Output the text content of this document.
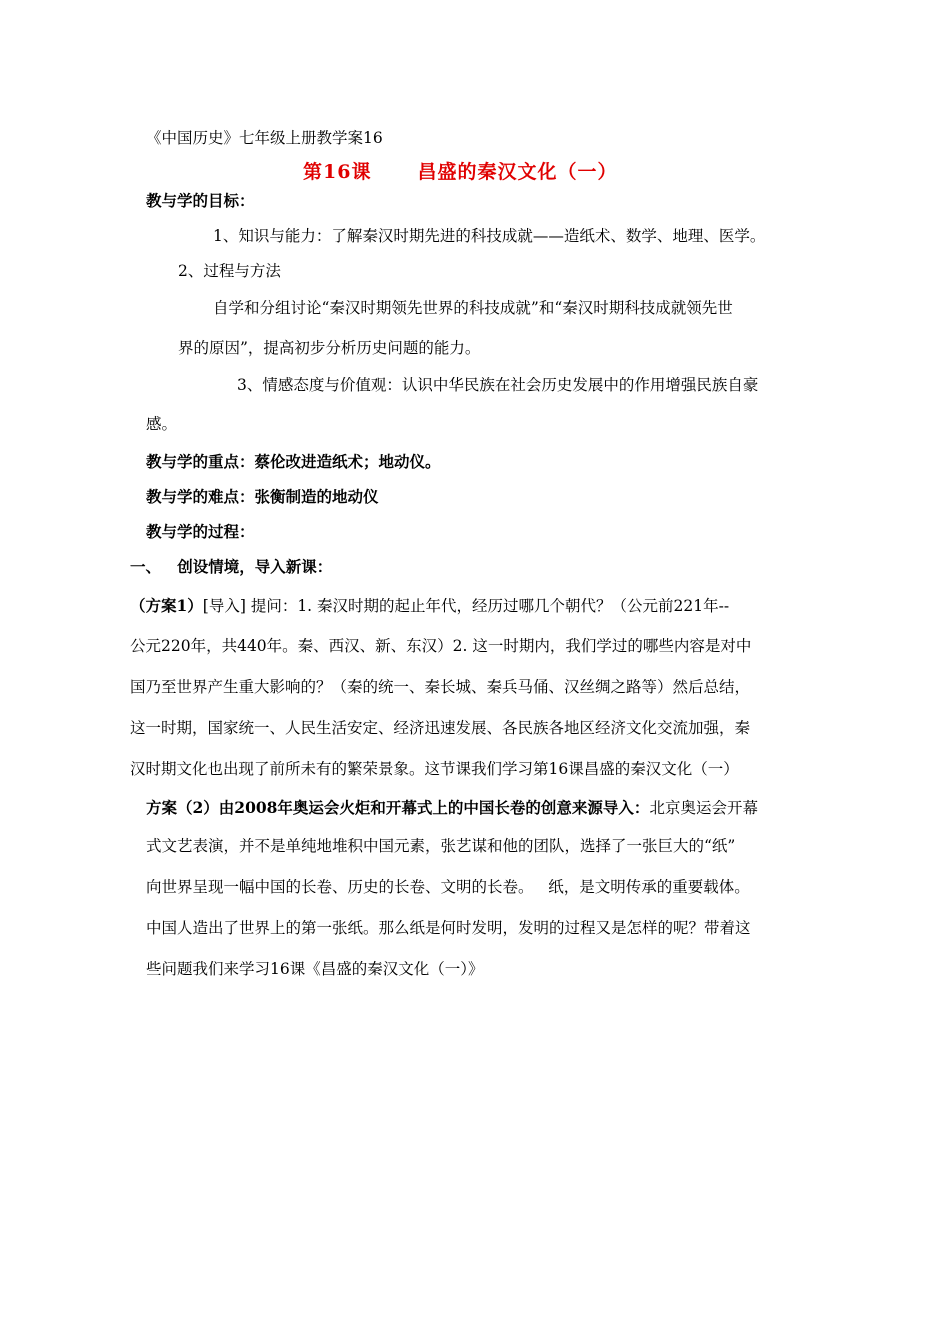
《中国历史》七年级上册教学案16
第16课 昌盛的秦汉文化（一）
教与学的目标：
1、知识与能力：了解秦汉时期先进的科技成就——造纸术、数学、地理、医学。
2、过程与方法
自学和分组讨论“秦汉时期领先世界的科技成就”和“秦汉时期科技成就领先世
界的原因”，提高初步分析历史问题的能力。
3、情感态度与价值观：认识中华民族在社会历史发展中的作用增强民族自豪
感。
教与学的重点：蔡伦改进造纸术；地动仪。
教与学的难点：张衡制造的地动仪
教与学的过程：
一、   创设情境，导入新课：
（方案1）[导入] 提问：1. 秦汉时期的起止年代，经历过哪几个朝代？（公元前221年--
公元220年，共440年。秦、西汉、新、东汉）2. 这一时期内，我们学过的哪些内容是对中
国乃至世界产生重大影响的？（秦的统一、秦长城、秦兵马俑、汉丝绸之路等）然后总结，
这一时期，国家统一、人民生活安定、经济迅速发展、各民族各地区经济文化交流加强，秦
汉时期文化也出现了前所未有的繁荣景象。这节课我们学习第16课昌盛的秦汉文化（一）
方案（2）由2008年奥运会火炬和开幕式上的中国长卷的创意来源导入：北京奥运会开幕
式文艺表演，并不是单纯地堆积中国元素，张艺谋和他的团队，选择了一张巨大的“纸”
向世界呈现一幅中国的长卷、历史的长卷、文明的长卷。   纸，是文明传承的重要载体。
中国人造出了世界上的第一张纸。那么纸是何时发明，发明的过程又是怎样的呢？带着这
些问题我们来学习16课《昌盛的秦汉文化（一）》
